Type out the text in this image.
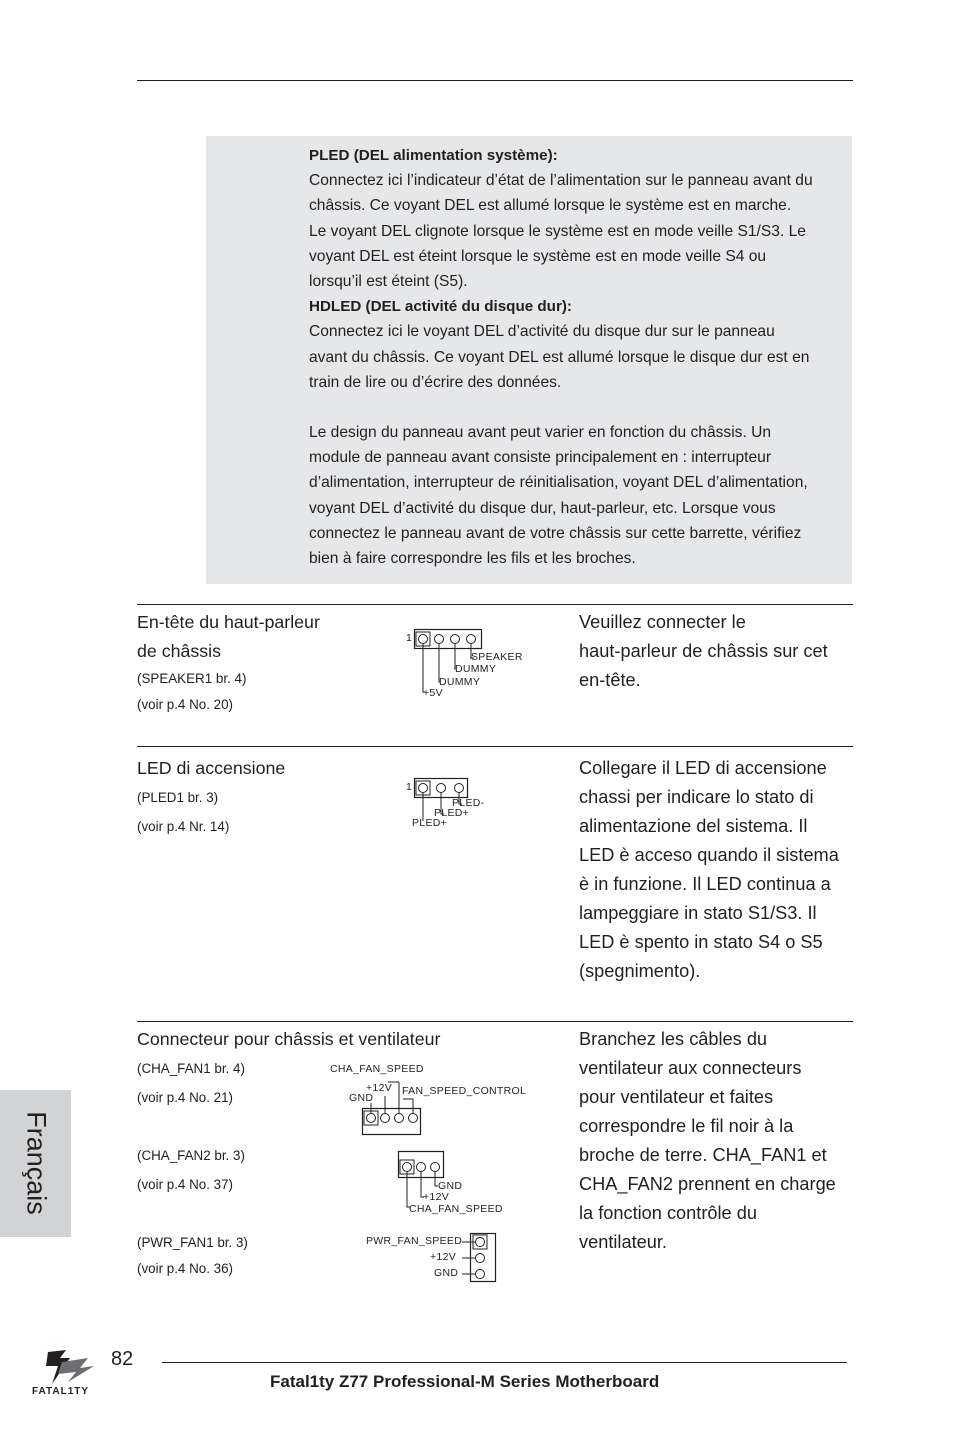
PLED (DEL alimentation système):

Connectez ici l’indicateur d’état de l’alimentation sur le panneau avant du

châssis. Ce voyant DEL est allumé lorsque le système est en marche.

Le voyant DEL clignote lorsque le système est en mode veille S1/S3. Le

voyant DEL est éteint lorsque le système est en mode veille S4 ou

lorsqu’il est éteint (S5).

HDLED (DEL activité du disque dur):

Connectez ici le voyant DEL d’activité du disque dur sur le panneau

avant du châssis. Ce voyant DEL est allumé lorsque le disque dur est en

train de lire ou d’écrire des données.

Le design du panneau avant peut varier en fonction du châssis. Un

module de panneau avant consiste principalement en : interrupteur

d’alimentation, interrupteur de réinitialisation, voyant DEL d’alimentation,

voyant DEL d’activité du disque dur, haut-parleur, etc. Lorsque vous

connectez le panneau avant de votre châssis sur cette barrette, vérifiez

bien à faire correspondre les fils et les broches.

En-tête du haut-parleur
de châssis
(SPEAKER1 br. 4)
(voir p.4 No. 20)
1
SPEAKER
DUMMY
DUMMY
+5V
Veuillez connecter le
haut-parleur de châssis sur cet
en-tête.
LED di accensione
(PLED1 br. 3)
(voir p.4 Nr. 14)
1
PLED-
PLED+
PLED+
Collegare il LED di accensione
chassi per indicare lo stato di
alimentazione del sistema. Il
LED è acceso quando il sistema
è in funzione. Il LED continua a
lampeggiare in stato S1/S3. Il
LED è spento in stato S4 o S5
(spegnimento).
Connecteur pour châssis et ventilateur
(CHA_FAN1 br. 4)
(voir p.4 No. 21)
(CHA_FAN2 br. 3)
(voir p.4 No. 37)
(PWR_FAN1 br. 3)
(voir p.4 No. 36)
CHA_FAN_SPEED
+12V
GND
FAN_SPEED_CONTROL
GND
+12V
CHA_FAN_SPEED
PWR_FAN_SPEED
+12V
GND
Branchez les câbles du
ventilateur aux connecteurs
pour ventilateur et faites
correspondre le fil noir à la
broche de terre. CHA_FAN1 et
CHA_FAN2 prennent en charge
la fonction contrôle du
ventilateur.
Français
FATAL1TY
82
Fatal1ty Z77 Professional-M Series Motherboard
